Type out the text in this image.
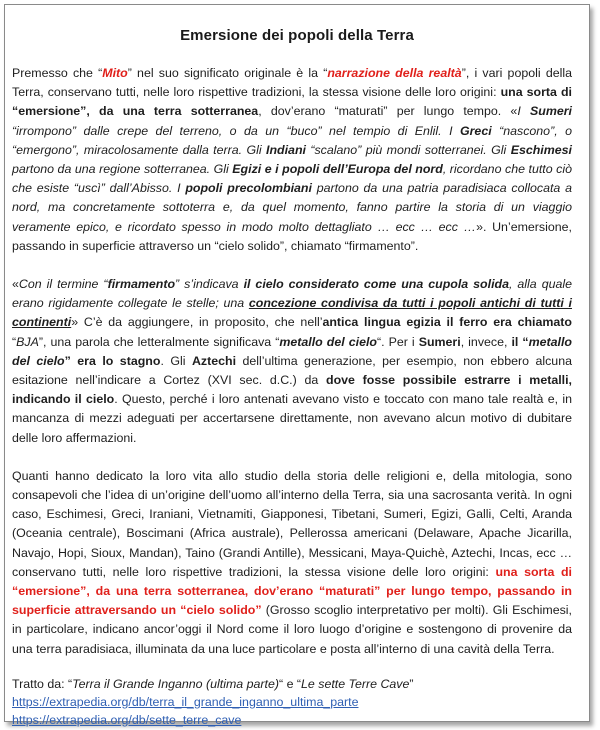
Emersione dei popoli della Terra

Premesso che “Mito” nel suo significato originale è la “narrazione della realtà”, i vari popoli della Terra, conservano tutti, nelle loro rispettive tradizioni, la stessa visione delle loro origini: una sorta di “emersione”, da una terra sotterranea, dov’erano “maturati” per lungo tempo. «I Sumeri “irrompono” dalle crepe del terreno, o da un “buco” nel tempio di Enlil. I Greci “nascono”, o “emergono”, miracolosamente dalla terra. Gli Indiani “scalano” più mondi sotterranei. Gli Eschimesi partono da una regione sotterranea. Gli Egizi e i popoli dell’Europa del nord, ricordano che tutto ciò che esiste “uscì” dall’Abisso. I popoli precolombiani partono da una patria paradisiaca collocata a nord, ma concretamente sottoterra e, da quel momento, fanno partire la storia di un viaggio veramente epico, e ricordato spesso in modo molto dettagliato … ecc … ecc …». Un’emersione, passando in superficie attraverso un “cielo solido”, chiamato “firmamento”.

«Con il termine “firmamento” s’indicava il cielo considerato come una cupola solida, alla quale erano rigidamente collegate le stelle; una concezione condivisa da tutti i popoli antichi di tutti i continenti» C’è da aggiungere, in proposito, che nell’antica lingua egizia il ferro era chiamato “BJA”, una parola che letteralmente significava “metallo del cielo“. Per i Sumeri, invece, il “metallo del cielo” era lo stagno. Gli Aztechi dell’ultima generazione, per esempio, non ebbero alcuna esitazione nell’indicare a Cortez (XVI sec. d.C.) da dove fosse possibile estrarre i metalli, indicando il cielo. Questo, perché i loro antenati avevano visto e toccato con mano tale realtà e, in mancanza di mezzi adeguati per accertarsene direttamente, non avevano alcun motivo di dubitare delle loro affermazioni.

Quanti hanno dedicato la loro vita allo studio della storia delle religioni e, della mitologia, sono consapevoli che l’idea di un’origine dell’uomo all’interno della Terra, sia una sacrosanta verità. In ogni caso, Eschimesi, Greci, Iraniani, Vietnamiti, Giapponesi, Tibetani, Sumeri, Egizi, Galli, Celti, Aranda (Oceania centrale), Boscimani (Africa australe), Pellerossa americani (Delaware, Apache Jicarilla, Navajo, Hopi, Sioux, Mandan), Taino (Grandi Antille), Messicani, Maya-Quichè, Aztechi, Incas, ecc … conservano tutti, nelle loro rispettive tradizioni, la stessa visione delle loro origini: una sorta di “emersione”, da una terra sotterranea, dov’erano “maturati” per lungo tempo, passando in superficie attraversando un “cielo solido” (Grosso scoglio interpretativo per molti). Gli Eschimesi, in particolare, indicano ancor’oggi il Nord come il loro luogo d’origine e sostengono di provenire da una terra paradisiaca, illuminata da una luce particolare e posta all’interno di una cavità della Terra.

Tratto da: “Terra il Grande Inganno (ultima parte)“ e “Le sette Terre Cave”
https://extrapedia.org/db/terra_il_grande_inganno_ultima_parte
https://extrapedia.org/db/sette_terre_cave
